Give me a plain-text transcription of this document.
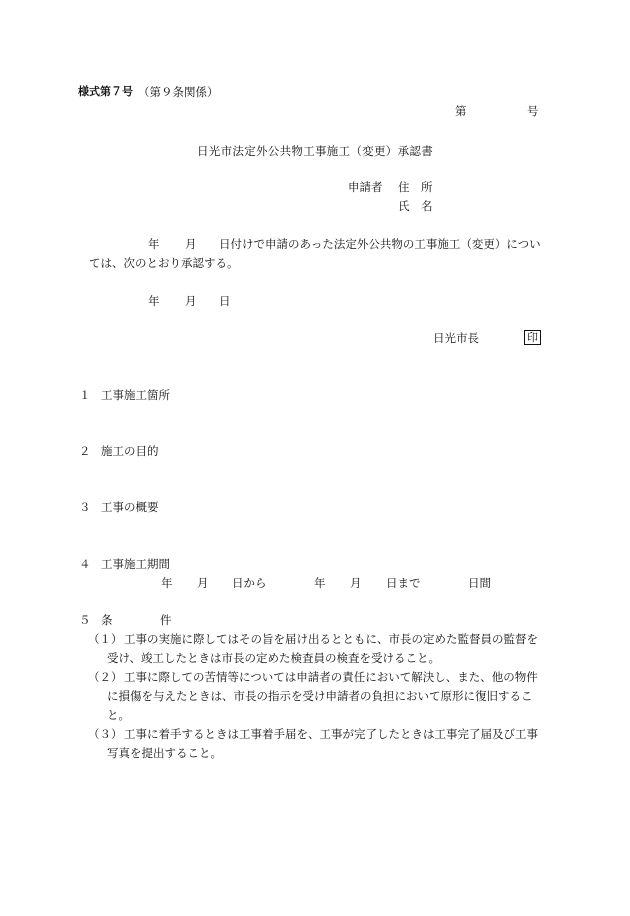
様式第７号 （第９条関係）
第	号
日光市法定外公共物工事施工（変更）承認書
申請者 住　所
氏　名
年 月 日付けで申請のあった法定外公共物の工事施工（変更）につい
ては、次のとおり承認する。
年 月 日
日光市長	印
１ 工事施工箇所
２ 施工の目的
３ 工事の概要
４ 工事施工期間
年 月 日から	年 月 日まで	日間
５ 条	件
（１） 工事の実施に際してはその旨を届け出るとともに、市長の定めた監督員の監督を
受け、竣工したときは市長の定めた検査員の検査を受けること。
（２） 工事に際しての苦情等については申請者の責任において解決し、また、他の物件
に損傷を与えたときは、市長の指示を受け申請者の負担において原形に復旧するこ
と。
（３） 工事に着手するときは工事着手届を、工事が完了したときは工事完了届及び工事
写真を提出すること。
